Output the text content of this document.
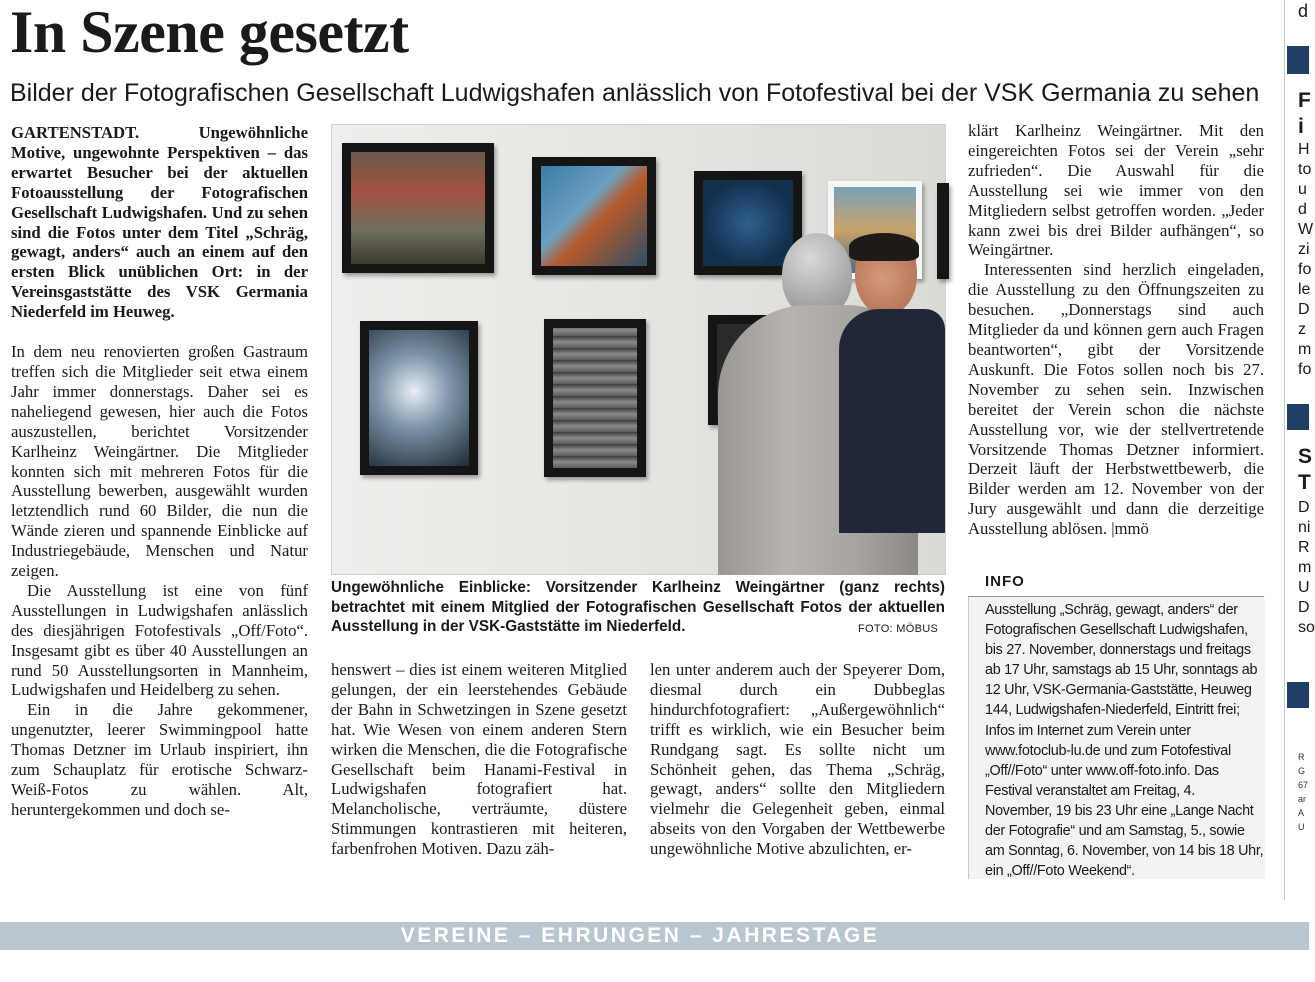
In Szene gesetzt
Bilder der Fotografischen Gesellschaft Ludwigshafen anlässlich von Fotofestival bei der VSK Germania zu sehen

GARTENSTADT. Ungewöhnliche Motive, ungewohnte Perspektiven – das erwartet Besucher bei der aktuellen Fotoausstellung der Fotografischen Gesellschaft Ludwigshafen. Und zu sehen sind die Fotos unter dem Titel „Schräg, gewagt, anders“ auch an einem auf den ersten Blick unüblichen Ort: in der Vereinsgaststätte des VSK Germania Niederfeld im Heuweg.

In dem neu renovierten großen Gastraum treffen sich die Mitglieder seit etwa einem Jahr immer donnerstags. Daher sei es naheliegend gewesen, hier auch die Fotos auszustellen, berichtet Vorsitzender Karlheinz Weingärtner. Die Mitglieder konnten sich mit mehreren Fotos für die Ausstellung bewerben, ausgewählt wurden letztendlich rund 60 Bilder, die nun die Wände zieren und spannende Einblicke auf Industriegebäude, Menschen und Natur zeigen.

Die Ausstellung ist eine von fünf Ausstellungen in Ludwigshafen anlässlich des diesjährigen Fotofestivals „Off/Foto“. Insgesamt gibt es über 40 Ausstellungen an rund 50 Ausstellungsorten in Mannheim, Ludwigshafen und Heidelberg zu sehen.

Ein in die Jahre gekommener, ungenutzter, leerer Swimmingpool hatte Thomas Detzner im Urlaub inspiriert, ihn zum Schauplatz für erotische Schwarz-Weiß-Fotos zu wählen. Alt, heruntergekommen und doch se-

Ungewöhnliche Einblicke: Vorsitzender Karlheinz Weingärtner (ganz rechts) betrachtet mit einem Mitglied der Fotografischen Gesellschaft Fotos der aktuellen Ausstellung in der VSK-Gaststätte im Niederfeld.	FOTO: MÖBUS

henswert – dies ist einem weiteren Mitglied gelungen, der ein leerstehendes Gebäude der Bahn in Schwetzingen in Szene gesetzt hat. Wie Wesen von einem anderen Stern wirken die Menschen, die die Fotografische Gesellschaft beim Hanami-Festival in Ludwigshafen fotografiert hat. Melancholische, verträumte, düstere Stimmungen kontrastieren mit heiteren, farbenfrohen Motiven. Dazu zäh-

len unter anderem auch der Speyerer Dom, diesmal durch ein Dubbeglas hindurchfotografiert: „Außergewöhnlich“ trifft es wirklich, wie ein Besucher beim Rundgang sagt. Es sollte nicht um Schönheit gehen, das Thema „Schräg, gewagt, anders“ sollte den Mitgliedern vielmehr die Gelegenheit geben, einmal abseits von den Vorgaben der Wettbewerbe ungewöhnliche Motive abzulichten, er-

klärt Karlheinz Weingärtner. Mit den eingereichten Fotos sei der Verein „sehr zufrieden“. Die Auswahl für die Ausstellung sei wie immer von den Mitgliedern selbst getroffen worden. „Jeder kann zwei bis drei Bilder aufhängen“, so Weingärtner.

Interessenten sind herzlich eingeladen, die Ausstellung zu den Öffnungszeiten zu besuchen. „Donnerstags sind auch Mitglieder da und können gern auch Fragen beantworten“, gibt der Vorsitzende Auskunft. Die Fotos sollen noch bis 27. November zu sehen sein. Inzwischen bereitet der Verein schon die nächste Ausstellung vor, wie der stellvertretende Vorsitzende Thomas Detzner informiert. Derzeit läuft der Herbstwettbewerb, die Bilder werden am 12. November von der Jury ausgewählt und dann die derzeitige Ausstellung ablösen. |mmö

INFO
Ausstellung „Schräg, gewagt, anders“ der Fotografischen Gesellschaft Ludwigshafen, bis 27. November, donnerstags und freitags ab 17 Uhr, samstags ab 15 Uhr, sonntags ab 12 Uhr, VSK-Germania-Gaststätte, Heuweg 144, Ludwigshafen-Niederfeld, Eintritt frei; Infos im Internet zum Verein unter www.fotoclub-lu.de und zum Fotofestival „Off//Foto“ unter www.off-foto.info. Das Festival veranstaltet am Freitag, 4. November, 19 bis 23 Uhr eine „Lange Nacht der Fotografie“ und am Samstag, 5., sowie am Sonntag, 6. November, von 14 bis 18 Uhr, ein „Off//Foto Weekend“.
d
F
i
H
to
u
d
W
zi
fo
le
D
z
m
fo
S
T
D
ni
R
m
U
D
so
R
G
67
ar
A
U
VEREINE – EHRUNGEN – JAHRESTAGE
